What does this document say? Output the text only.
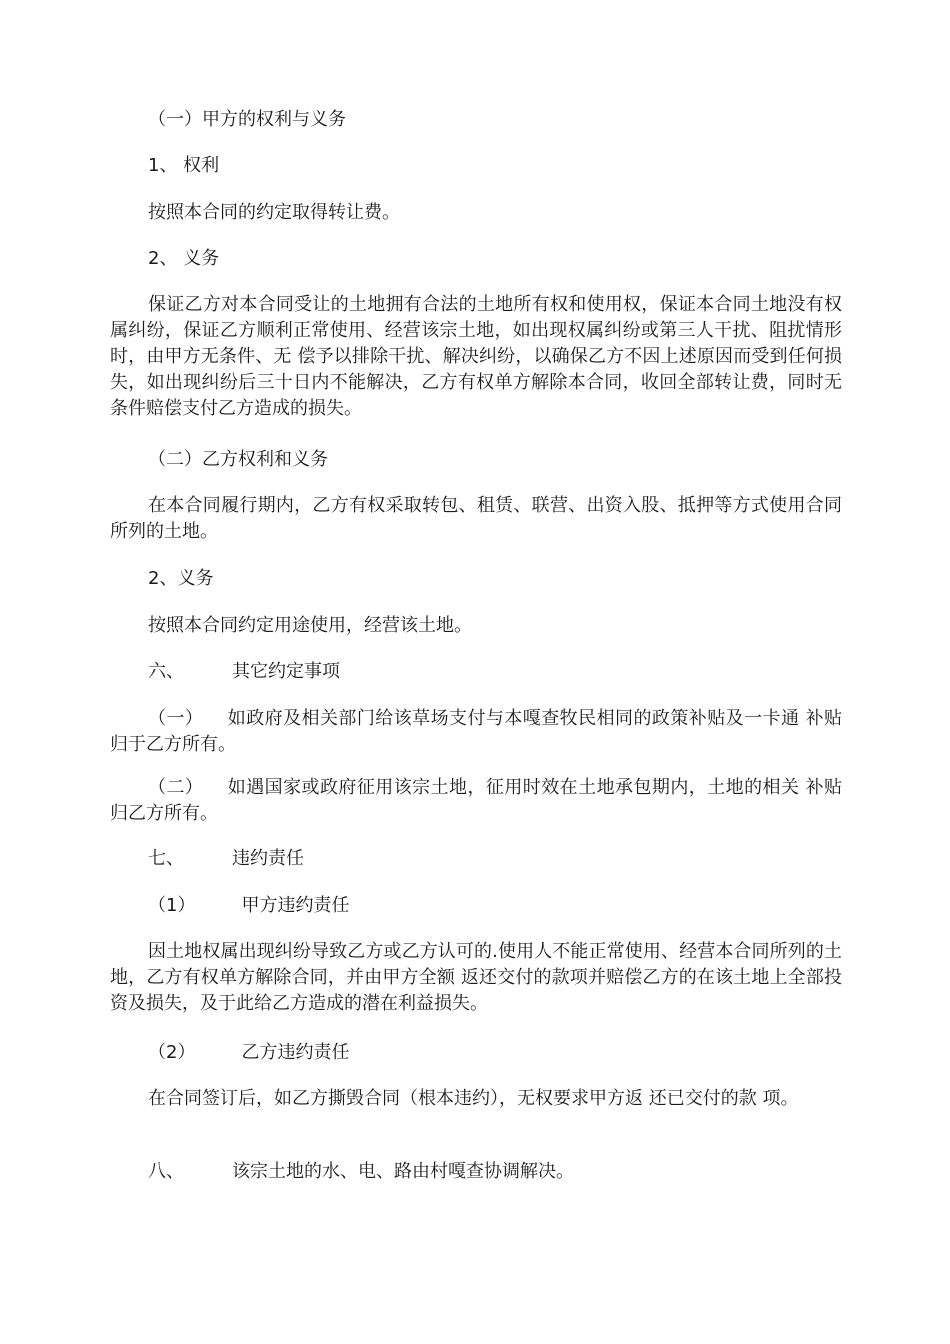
（一）甲方的权利与义务

1、 权利

按照本合同的约定取得转让费。

2、 义务

保证乙方对本合同受让的土地拥有合法的土地所有权和使用权，保证本合同土地没有权属纠纷，保证乙方顺利正常使用、经营该宗土地，如出现权属纠纷或第三人干扰、阻扰情形时，由甲方无条件、无 偿予以排除干扰、解决纠纷，以确保乙方不因上述原因而受到任何损 失，如出现纠纷后三十日内不能解决，乙方有权单方解除本合同，收回全部转让费，同时无条件赔偿支付乙方造成的损失。

（二）乙方权利和义务

在本合同履行期内，乙方有权采取转包、租赁、联营、出资入股、抵押等方式使用合同所列的土地。

2、义务

按照本合同约定用途使用，经营该土地。

六、	其它约定事项

（一） 如政府及相关部门给该草场支付与本嘎查牧民相同的政策补贴及一卡通 补贴归于乙方所有。

（二） 如遇国家或政府征用该宗土地，征用时效在土地承包期内，土地的相关 补贴归乙方所有。

七、	违约责任

（1）	甲方违约责任

因土地权属出现纠纷导致乙方或乙方认可的.使用人不能正常使用、经营本合同所列的土地，乙方有权单方解除合同，并由甲方全额 返还交付的款项并赔偿乙方的在该土地上全部投资及损失，及于此给乙方造成的潜在利益损失。

（2）	乙方违约责任

在合同签订后，如乙方撕毁合同（根本违约），无权要求甲方返 还已交付的款 项。

八、	该宗土地的水、电、路由村嘎查协调解决。
